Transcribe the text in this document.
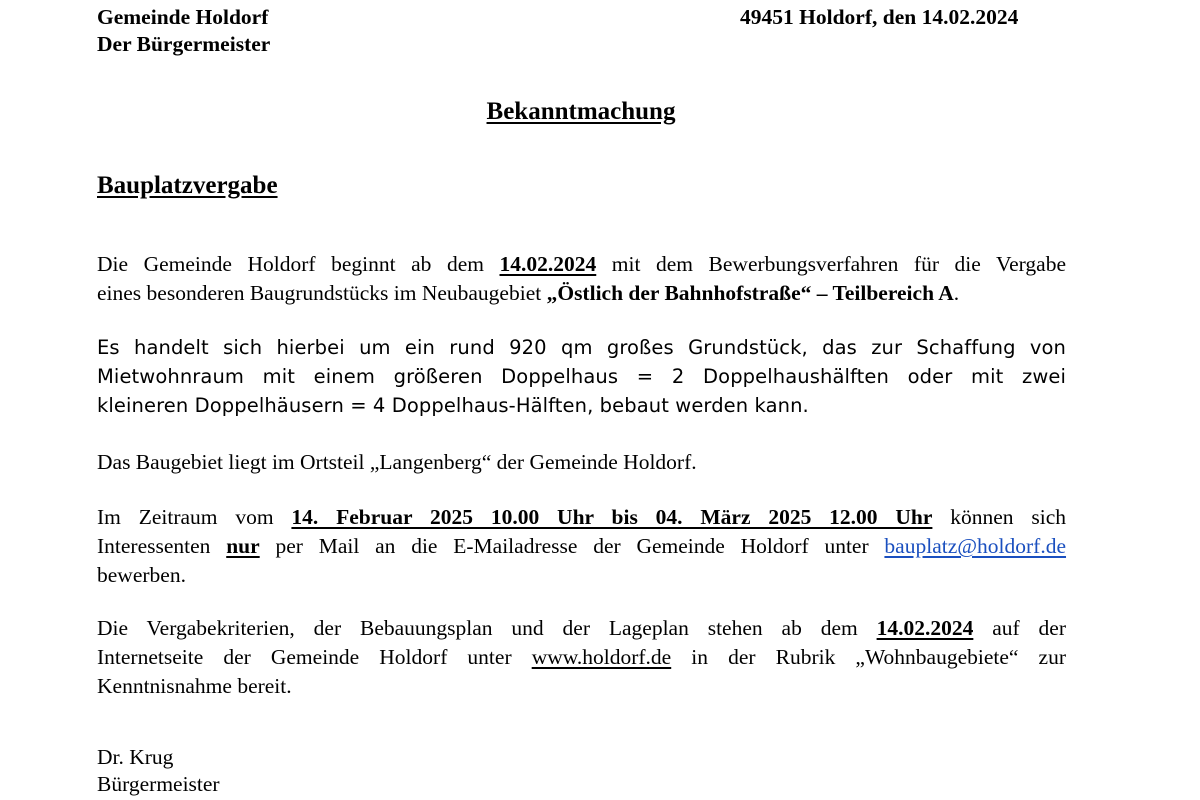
Gemeinde Holdorf
Der Bürgermeister
49451 Holdorf, den 14.02.2024
Bekanntmachung
Bauplatzvergabe
Die Gemeinde Holdorf beginnt ab dem 14.02.2024 mit dem Bewerbungsverfahren für die Vergabe
eines besonderen Baugrundstücks im Neubaugebiet „Östlich der Bahnhofstraße“ – Teilbereich A.
Es handelt sich hierbei um ein rund 920 qm großes Grundstück, das zur Schaffung von
Mietwohnraum mit einem größeren Doppelhaus = 2 Doppelhaushälften oder mit zwei
kleineren Doppelhäusern = 4 Doppelhaus-Hälften, bebaut werden kann.
Das Baugebiet liegt im Ortsteil „Langenberg“ der Gemeinde Holdorf.
Im Zeitraum vom 14. Februar 2025 10.00 Uhr bis 04. März 2025 12.00 Uhr können sich
Interessenten nur per Mail an die E-Mailadresse der Gemeinde Holdorf unter bauplatz@holdorf.de
bewerben.
Die Vergabekriterien, der Bebauungsplan und der Lageplan stehen ab dem 14.02.2024 auf der
Internetseite der Gemeinde Holdorf unter www.holdorf.de in der Rubrik „Wohnbaugebiete“ zur
Kenntnisnahme bereit.
Dr. Krug
Bürgermeister
